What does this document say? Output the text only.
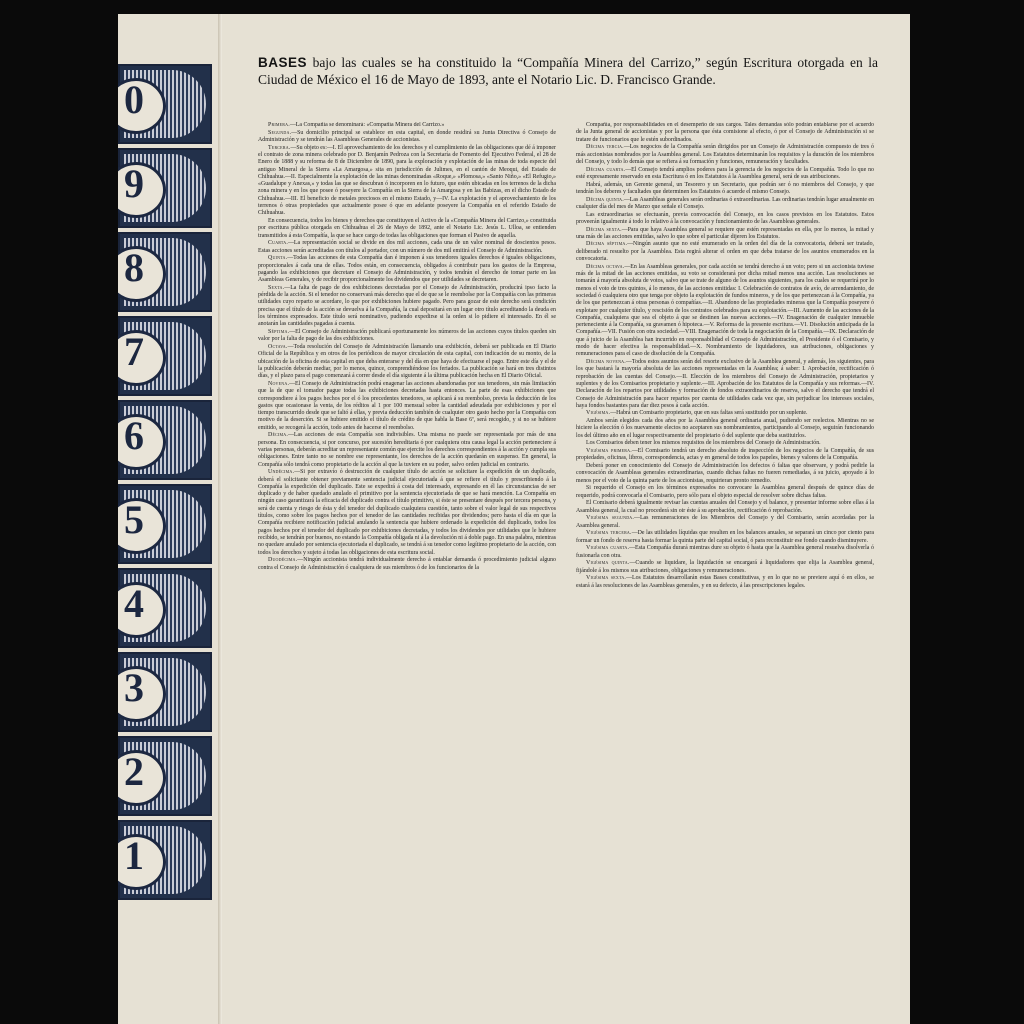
0
9
8
7
6
5
4
3
2
1
BASES bajo las cuales se ha constituido la “Compañía Minera del Carrizo,” según Escritura otorgada en la Ciudad de México el 16 de Mayo de 1893, ante el Notario Lic. D. Francisco Grande.

Primera.—La Compañía se denominará: «Compañía Minera del Carrizo.»

Segunda.—Su domicilio principal se establece en esta capital, en donde residirá su Junta Directiva ó Consejo de Administración y se tendrán las Asambleas Generales de accionistas.

Tercera.—Su objeto es:—I. El aprovechamiento de los derechos y el cumplimiento de las obligaciones que dé á imponer el contrato de zona minera celebrado por D. Benjamín Pedroza con la Secretaría de Fomento del Ejecutivo Federal, el 28 de Enero de 1888 y su reforma de 8 de Diciembre de 1890, para la exploración y explotación de las minas de toda especie del antiguo Mineral de la Sierra «La Amargosa,» sita en jurisdicción de Julimes, en el cantón de Meoqui, del Estado de Chihuahua.—II. Especialmente la explotación de las minas denominadas «Roque,» «Plomosa,» «Santo Niño,» «El Refugio,» «Guadalupe y Anexas,» y todas las que se descubran ó incorporen en lo futuro, que estén ubicadas en los terrenos de la dicha zona minera y en los que posee ó poseyere la Compañía en la Sierra de la Amargosa y en las Babizas, en el dicho Estado de Chihuahua.—III. El beneficio de metales preciosos en el mismo Estado, y—IV. La explotación y el aprovechamiento de los terrenos ó otras propiedades que actualmente posee ó que en adelante poseyere la Compañía en el referido Estado de Chihuahua.

En consecuencia, todos los bienes y derechos que constituyen el Activo de la «Compañía Minera del Carrizo,» constituida por escritura pública otorgada en Chihuahua el 26 de Mayo de 1892, ante el Notario Lic. Jesús L. Ulloa, se entienden transmitidos á esta Compañía, la que se hace cargo de todas las obligaciones que forman el Pasivo de aquella.

Cuarta.—La representación social se divide en dos mil acciones, cada una de un valor nominal de doscientos pesos. Estas acciones serán acreditadas con títulos al portador, con un número de dos mil emitirá el Consejo de Administración.

Quinta.—Todas las acciones de esta Compañía dan é imponen á sus tenedores iguales derechos é iguales obligaciones, proporcionales á cada una de ellas. Todos están, en consecuencia, obligados á contribuir para los gastos de la Empresa, pagando las exhibiciones que decretare el Consejo de Administración, y todos tendrán el derecho de tomar parte en las Asambleas Generales, y de recibir proporcionalmente los dividendos que por utilidades se decretaren.

Sexta.—La falta de pago de dos exhibiciones decretadas por el Consejo de Administración, producirá ipso facto la pérdida de la acción. Si el tenedor no conservará más derecho que el de que se le reembolse por la Compañía con las primeras utilidades cuyo reparto se acordare, lo que por exhibiciones hubiere pagado. Pero para gozar de este derecho será condición precisa que el título de la acción se devuelva á la Compañía, la cual depositará en un lugar otro título acreditando la deuda en los términos expresados. Este título será nominativo, pudiendo expedirse si la orden si lo pidiere el interesado. En él se anotarán las cantidades pagadas á cuenta.

Séptima.—El Consejo de Administración publicará oportunamente los números de las acciones cuyos títulos queden sin valor por la falta de pago de las dos exhibiciones.

Octava.—Toda resolución del Consejo de Administración llamando una exhibición, deberá ser publicada en El Diario Oficial de la República y en otros de los periódicos de mayor circulación de esta capital, con indicación de su monto, de la ubicación de la oficina de esta capital en que deba enterarse y del día en que haya de efectuarse el pago. Entre este día y el de la publicación deberán mediar, por lo menos, quince, comprendiéndose los feriados. La publicación se hará en tres distintos días, y el plazo para el pago comenzará á correr desde el día siguiente á la última publicación hecha en El Diario Oficial.

Novena.—El Consejo de Administración podrá enagenar las acciones abandonadas por sus tenedores, sin más limitación que la de que el tomador pague todas las exhibiciones decretadas hasta entonces. La parte de esas exhibiciones que correspondiere á los pagos hechos por el ó los precedentes tenedores, se aplicará á su reembolso, previa la deducción de los gastos que ocasionase la venta, de los réditos al 1 por 100 mensual sobre la cantidad adeudada por exhibiciones y por el tiempo transcurrido desde que se faltó á ellas, y previa deducción también de cualquier otro gasto hecho por la Compañía con motivo de la deserción. Si se hubiere emitido el título de crédito de que habla la Base 6ª, será recogido, y si no se hubiere emitido, se recogerá la acción, todo antes de hacerse el reembolso.

Décima.—Las acciones de esta Compañía son indivisibles. Una misma no puede ser representada por más de una persona. En consecuencia, si por concurso, por sucesión hereditaria ó por cualquiera otra causa legal la acción perteneciere á varias personas, deberán acreditar un representante común que ejercite los derechos correspondientes á la acción y cumpla sus obligaciones. Entre tanto no se nombre ese representante, los derechos de la acción quedarán en suspenso. En general, la Compañía sólo tendrá como propietario de la acción al que la tuviere en su poder, salvo orden judicial en contrario.

Undécima.—Si por extravío ó destrucción de cualquier título de acción se solicitare la expedición de un duplicado, deberá el solicitante obtener previamente sentencia judicial ejecutoriada á que se refiere el título y prescribiendo á la Compañía la expedición del duplicado. Este se expedirá á costa del interesado, expresando en él las circunstancias de ser duplicado y de haber quedado anulado el primitivo por la sentencia ejecutoriada de que se hará mención. La Compañía en ningún caso garantizará la eficacia del duplicado contra el título primitivo, si éste se presentare después por tercera persona, y será de cuenta y riesgo de ésta y del tenedor del duplicado cualquiera cuestión, tanto sobre el valor legal de sus respectivos títulos, como sobre los pagos hechos por el tenedor de las cantidades recibidas por dividendos; pero hasta el día en que la Compañía recibiere notificación judicial anulando la sentencia que hubiere ordenado la expedición del duplicado, todos los pagos hechos por el tenedor del duplicado por exhibiciones decretadas, y todos los dividendos por utilidades que le hubiere recibido, se tendrán por buenos, no estando la Compañía obligada ni á la devolución ni á doble pago. En una palabra, mientras no quedare anulado por sentencia ejecutoriada el duplicado, se tendrá á su tenedor como legítimo propietario de la acción, con todos los derechos y sujeto á todas las obligaciones de esta escritura social.

Duodécima.—Ningún accionista tendrá individualmente derecho á entablar demanda ó procedimiento judicial alguno contra el Consejo de Administración ó cualquiera de sus miembros ó de los funcionarios de la

Compañía, por responsabilidades en el desempeño de sus cargos. Tales demandas sólo podrán entablarse por el acuerdo de la Junta general de accionistas y por la persona que ésta comisione al efecto, ó por el Consejo de Administración si se tratare de funcionarios que le estén subordinados.

Décima tercia.—Los negocios de la Compañía serán dirigidos por un Consejo de Administración compuesto de tres ó más accionistas nombrados por la Asamblea general. Los Estatutos determinarán los requisitos y la duración de los miembros del Consejo, y todo lo demás que se refiera á su formación y funciones, remuneración y facultades.

Décima cuarta.—El Consejo tendrá amplios poderes para la gerencia de los negocios de la Compañía. Todo lo que no esté expresamente reservado en esta Escritura ó en los Estatutos á la Asamblea general, será de sus atribuciones.

Habrá, además, un Gerente general, un Tesorero y un Secretario, que podrán ser ó no miembros del Consejo, y que tendrán los deberes y facultades que determinen los Estatutos ó acuerde el mismo Consejo.

Décima quinta.—Las Asambleas generales serán ordinarias ó extraordinarias. Las ordinarias tendrán lugar anualmente en cualquier día del mes de Marzo que señale el Consejo.

Las extraordinarias se efectuarán, previa convocación del Consejo, en los casos previstos en los Estatutos. Estos proveerán igualmente á todo lo relativo á la convocación y funcionamiento de las Asambleas generales.

Décima sexta.—Para que haya Asamblea general se requiere que estén representadas en ella, por lo menos, la mitad y una más de las acciones emitidas, salvo lo que sobre el particular dijeren los Estatutos.

Décima séptima.—Ningún asunto que no esté enumerado en la orden del día de la convocatoria, deberá ser tratado, deliberado ni resuelto por la Asamblea. Esta regirá alterar el orden en que deba tratarse de los asuntos enumerados en la convocatoria.

Décima octava.—En las Asambleas generales, por cada acción se tendrá derecho á un voto; pero si un accionista tuviese más de la mitad de las acciones emitidas, su voto se considerará por dicha mitad menos una acción. Las resoluciones se tomarán á mayoría absoluta de votos, salvo que se trate de alguno de los asuntos siguientes, para los cuales se requerirá por lo menos el voto de tres quintos, á lo menos, de las acciones emitidas: I. Celebración de contratos de avío, de arrendamiento, de sociedad ó cualquiera otro que tenga por objeto la explotación de fundos mineros, y de los que pertenezcan á la Compañía, ya de los que pertenezcan á otras personas ó compañías.—II. Abandono de las propiedades mineras que la Compañía poseyere ó explotare por cualquier título, y rescisión de los contratos celebrados para su explotación.—III. Aumento de las acciones de la Compañía, cualquiera que sea el objeto á que se destinen las nuevas acciones.—IV. Enagenación de cualquier inmueble perteneciente á la Compañía, su gravamen ó hipoteca.—V. Reforma de la presente escritura.—VI. Disolución anticipada de la Compañía.—VII. Fusión con otra sociedad.—VIII. Enagenación de toda la negociación de la Compañía.—IX. Declaración de que á juicio de la Asamblea han incurrido en responsabilidad el Consejo de Administración, el Presidente ó el Comisario, y modo de hacer efectiva la responsabilidad.—X. Nombramiento de liquidadores, sus atribuciones, obligaciones y remuneraciones para el caso de disolución de la Compañía.

Décima novena.—Todos estos asuntos serán del resorte exclusivo de la Asamblea general, y además, los siguientes, para los que bastará la mayoría absoluta de las acciones representadas en la Asamblea; á saber: I. Aprobación, rectificación ó reprobación de las cuentas del Consejo.—II. Elección de los miembros del Consejo de Administración, propietarios y suplentes y de los Comisarios propietario y suplente.—III. Aprobación de los Estatutos de la Compañía y sus reformas.—IV. Declaración de los repartos por utilidades y formación de fondos extraordinarios de reserva, salvo el derecho que tendrá el Consejo de Administración para hacer repartos por cuenta de utilidades cada vez que, sin perjudicar los intereses sociales, haya fondos bastantes para dar diez pesos á cada acción.

Vigésima.—Habrá un Comisario propietario, que en sus faltas será sustituido por un suplente.

Ambos serán elegidos cada dos años por la Asamblea general ordinaria anual, pudiendo ser reelectos. Mientras no se hiciere la elección ó los nuevamente electos no aceptaren sus nombramientos, participando al Consejo, seguirán funcionando los del último año en el lugar respectivamente del propietario ó del suplente que deba sustituirlos.

Los Comisarios deben tener los mismos requisitos de los miembros del Consejo de Administración.

Vigésima primera.—El Comisario tendrá un derecho absoluto de inspección de los negocios de la Compañía, de sus propiedades, oficinas, libros, correspondencia, actas y en general de todos los papeles, bienes y valores de la Compañía.

Deberá poner en conocimiento del Consejo de Administración los defectos ó faltas que observare, y podrá pedirle la convocación de Asambleas generales extraordinarias, cuando dichas faltas no fueren remediadas, á su juicio, apoyado á lo menos por el voto de la quinta parte de los accionistas, requirieran pronto remedio.

Si requerido el Consejo en los términos expresados no convocare la Asamblea general después de quince días de requerido, podrá convocarla el Comisario, pero sólo para el objeto especial de resolver sobre dichas faltas.

El Comisario deberá igualmente revisar las cuentas anuales del Consejo y el balance, y presentar informe sobre ellas á la Asamblea general, la cual no procederá sin oir éste á su aprobación, rectificación ó reprobación.

Vigésima segunda.—Las remuneraciones de los Miembros del Consejo y del Comisario, serán acordadas por la Asamblea general.

Vigésima tercera.—De las utilidades líquidas que resulten en los balances anuales, se separará un cinco por ciento para formar un fondo de reserva hasta formar la quinta parte del capital social, ó para reconstituir ese fondo cuando disminuyere.

Vigésima cuarta.—Esta Compañía durará mientras dure su objeto ó hasta que la Asamblea general resuelva disolverla ó fusionarla con otra.

Vigésima quinta.—Cuando se liquidare, la liquidación se encargará á liquidadores que elija la Asamblea general, fijándole á los mismos sus atribuciones, obligaciones y remuneraciones.

Vigésima sexta.—Los Estatutos desarrollarán estas Bases constitutivas, y en lo que no se previere aquí ó en ellos, se estará á las resoluciones de las Asambleas generales, y en su defecto, á las prescripciones legales.
